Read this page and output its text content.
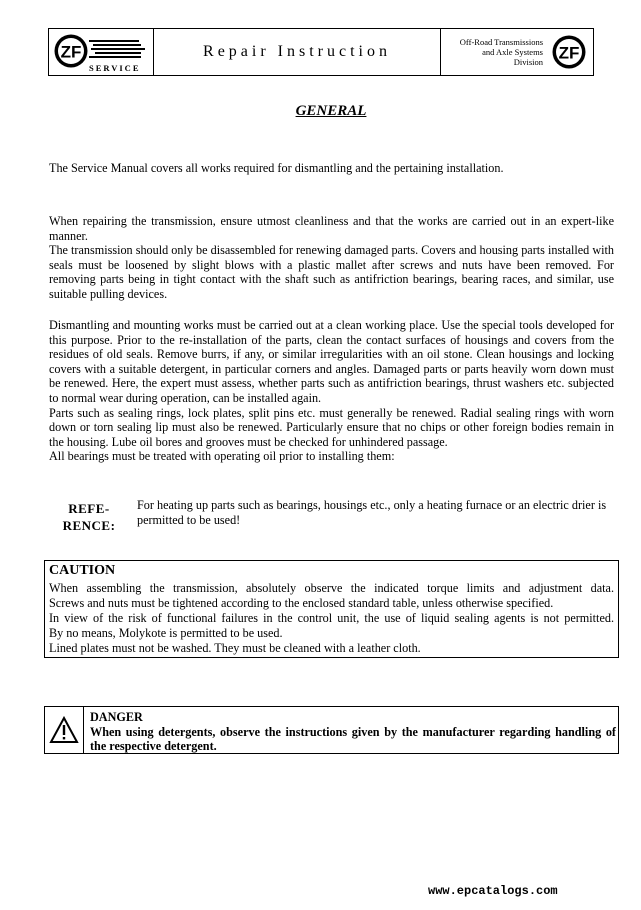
ZF
SERVICE
Repair Instruction
Off-Road Transmissions
and Axle Systems
Division ZF
GENERAL

The Service Manual covers all works required for dismantling and the pertaining installation.

When repairing the transmission, ensure utmost cleanliness and that the works are carried out in an expert-like manner.
The transmission should only be disassembled for renewing damaged parts. Covers and housing parts installed with seals must be loosened by slight blows with a plastic mallet after screws and nuts have been removed. For removing parts being in tight contact with the shaft such as antifriction bearings, bearing races, and similar, use suitable pulling devices.

Dismantling and mounting works must be carried out at a clean working place. Use the special tools developed for this purpose. Prior to the re-installation of the parts, clean the contact surfaces of housings and covers from the residues of old seals. Remove burrs, if any, or similar irregularities with an oil stone. Clean housings and locking covers with a suitable detergent, in particular corners and angles. Damaged parts or parts heavily worn down must be renewed. Here, the expert must assess, whether parts such as antifriction bearings, thrust washers etc. subjected to normal wear during operation, can be installed again.
Parts such as sealing rings, lock plates, split pins etc. must generally be renewed. Radial sealing rings with worn down or torn sealing lip must also be renewed. Particularly ensure that no chips or other foreign bodies remain in the housing. Lube oil bores and grooves must be checked for unhindered passage.
All bearings must be treated with operating oil prior to installing them:

REFE-
RENCE:

For heating up parts such as bearings, housings etc., only a heating furnace or an electric drier is permitted to be used!

CAUTION
When assembling the transmission, absolutely observe the indicated torque limits and adjustment data.
Screws and nuts must be tightened according to the enclosed standard table, unless otherwise specified.
In view of the risk of functional failures in the control unit, the use of liquid sealing agents is not permitted.
By no means, Molykote is permitted to be used.
Lined plates must not be washed. They must be cleaned with a leather cloth.
DANGER
When using detergents, observe the instructions given by the manufacturer regarding handling of the respective detergent.
www.epcatalogs.com
